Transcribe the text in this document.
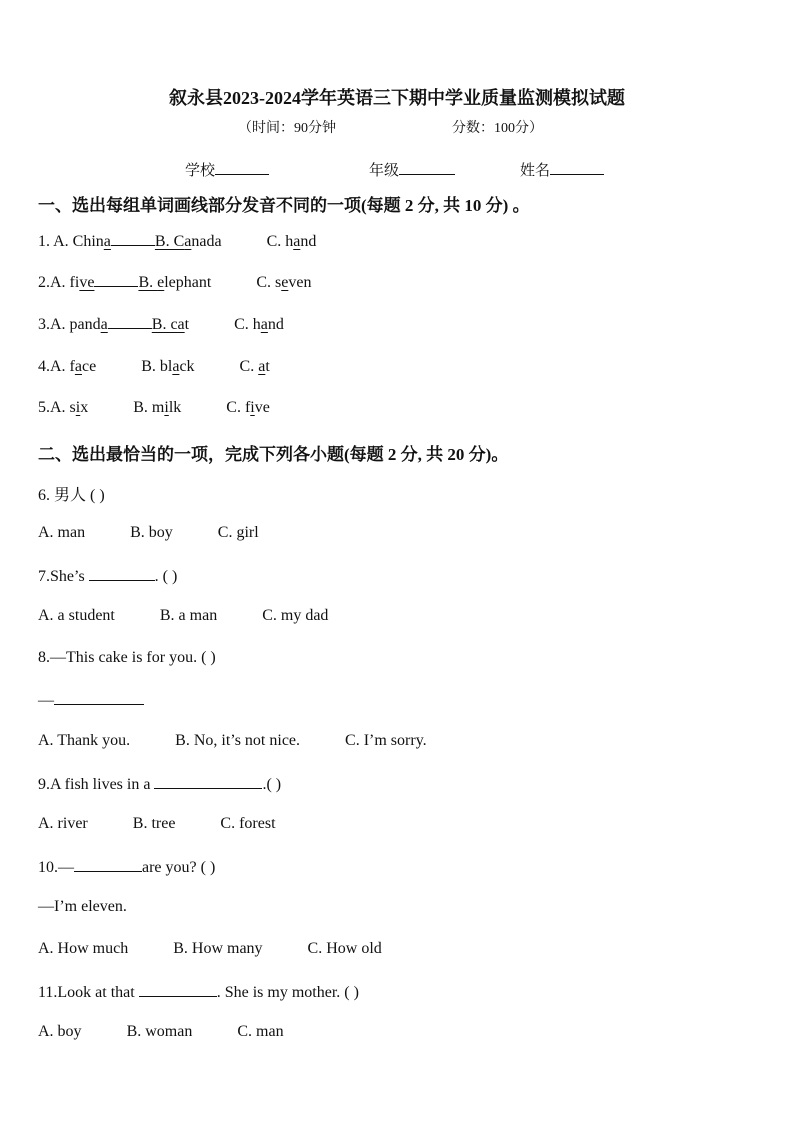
叙永县2023-2024学年英语三下期中学业质量监测模拟试题
（时间：90分钟	分数：100分）
学校	年级	姓名
一、选出每组单词画线部分发音不同的一项(每题 2 分, 共 10 分) 。
1. A. China	B. Canada	C. hand
2.A. five	B. elephant	C. seven
3.A. panda	B. cat	C. hand
4.A. face	B. black	C. at
5.A. six	B. milk	C. five
二、选出最恰当的一项，完成下列各小题(每题 2 分, 共 20 分)。
6. 男人 ( )
A. man	B. boy	C. girl
7.She’s	. ( )
A. a student	B. a man	C. my dad
8.—This cake is for you. ( )
—
A. Thank you.	B. No, it’s not nice.	C. I’m sorry.
9.A fish lives in a	.( )
A. river	B. tree	C. forest
10.—	are you? ( )
—I’m eleven.
A. How much	B. How many	C. How old
11.Look at that	. She is my mother. ( )
A. boy	B. woman	C. man
